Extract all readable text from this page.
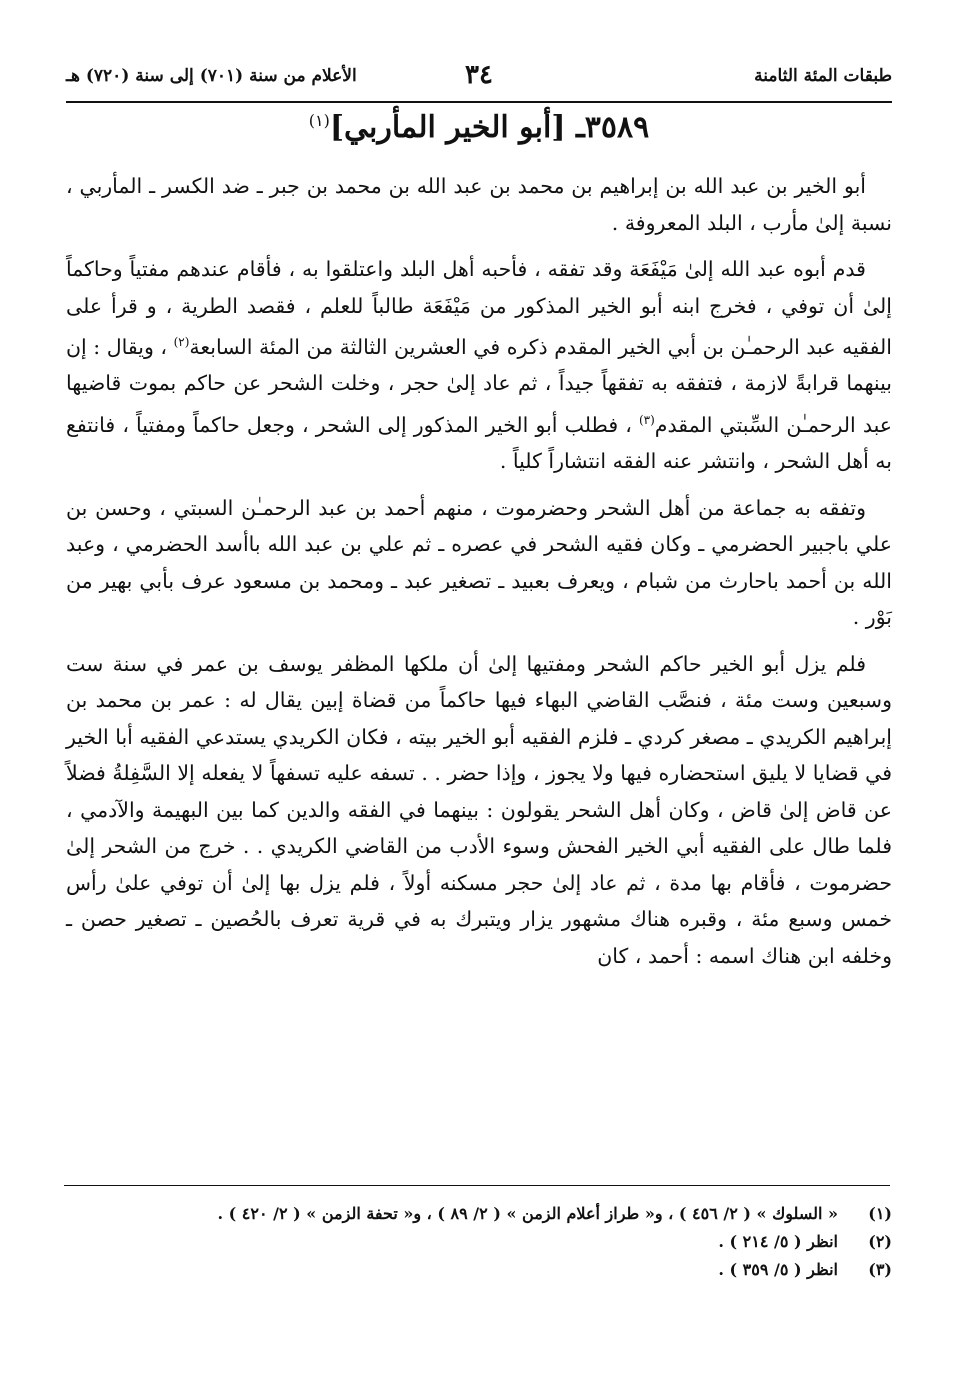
طبقات المئة الثامنة
٣٤
الأعلام من سنة (٧٠١) إلى سنة (٧٢٠) هـ
٣٥٨٩ـ [أبو الخير المأربي]$^{(١)}$

أبو الخير بن عبد الله بن إبراهيم بن محمد بن عبد الله بن محمد بن جبر ـ ضد الكسر ـ المأربي ، نسبة إلىٰ مأرب ، البلد المعروفة .

قدم أبوه عبد الله إلىٰ مَيْفَعَة وقد تفقه ، فأحبه أهل البلد واعتلقوا به ، فأقام عندهم مفتياً وحاكماً إلىٰ أن توفي ، فخرج ابنه أبو الخير المذكور من مَيْفَعَة طالباً للعلم ، فقصد الطرية ، و قرأ على الفقيه عبد الرحمـٰن بن أبي الخير المقدم ذكره في العشرين الثالثة من المئة السابعة$^{(٢)}$ ، ويقال : إن بينهما قرابةً لازمة ، فتفقه به تفقهاً جيداً ، ثم عاد إلىٰ حجر ، وخلت الشحر عن حاكم بموت قاضيها عبد الرحمـٰن السِّبتي المقدم$^{(٣)}$ ، فطلب أبو الخير المذكور إلى الشحر ، وجعل حاكماً ومفتياً ، فانتفع به أهل الشحر ، وانتشر عنه الفقه انتشاراً كلياً .

وتفقه به جماعة من أهل الشحر وحضرموت ، منهم أحمد بن عبد الرحمـٰن السبتي ، وحسن بن علي باجبير الحضرمي ـ وكان فقيه الشحر في عصره ـ ثم علي بن عبد الله باأسد الحضرمي ، وعبد الله بن أحمد باحارث من شبام ، ويعرف بعبيد ـ تصغير عبد ـ ومحمد بن مسعود عرف بأبي بهير من بَوْر .

فلم يزل أبو الخير حاكم الشحر ومفتيها إلىٰ أن ملكها المظفر يوسف بن عمر في سنة ست وسبعين وست مئة ، فنصَّب القاضي البهاء فيها حاكماً من قضاة إبين يقال له : عمر بن محمد بن إبراهيم الكريدي ـ مصغر كردي ـ فلزم الفقيه أبو الخير بيته ، فكان الكريدي يستدعي الفقيه أبا الخير في قضايا لا يليق استحضاره فيها ولا يجوز ، وإذا حضر . . تسفه عليه تسفهاً لا يفعله إلا السَّفِلةُ فضلاً عن قاض إلىٰ قاض ، وكان أهل الشحر يقولون : بينهما في الفقه والدين كما بين البهيمة والآدمي ، فلما طال على الفقيه أبي الخير الفحش وسوء الأدب من القاضي الكريدي . . خرج من الشحر إلىٰ حضرموت ، فأقام بها مدة ، ثم عاد إلىٰ حجر مسكنه أولاً ، فلم يزل بها إلىٰ أن توفي علىٰ رأس خمس وسبع مئة ، وقبره هناك مشهور يزار ويتبرك به في قرية تعرف بالحُصين ـ تصغير حصن ـ وخلفه ابن هناك اسمه : أحمد ، كان

(١)
« السلوك » ( ٢/ ٤٥٦ ) ، و« طراز أعلام الزمن » ( ٢/ ٨٩ ) ، و« تحفة الزمن » ( ٢/ ٤٢٠ ) .
(٢)
انظر ( ٥/ ٢١٤ ) .
(٣)
انظر ( ٥/ ٣٥٩ ) .
